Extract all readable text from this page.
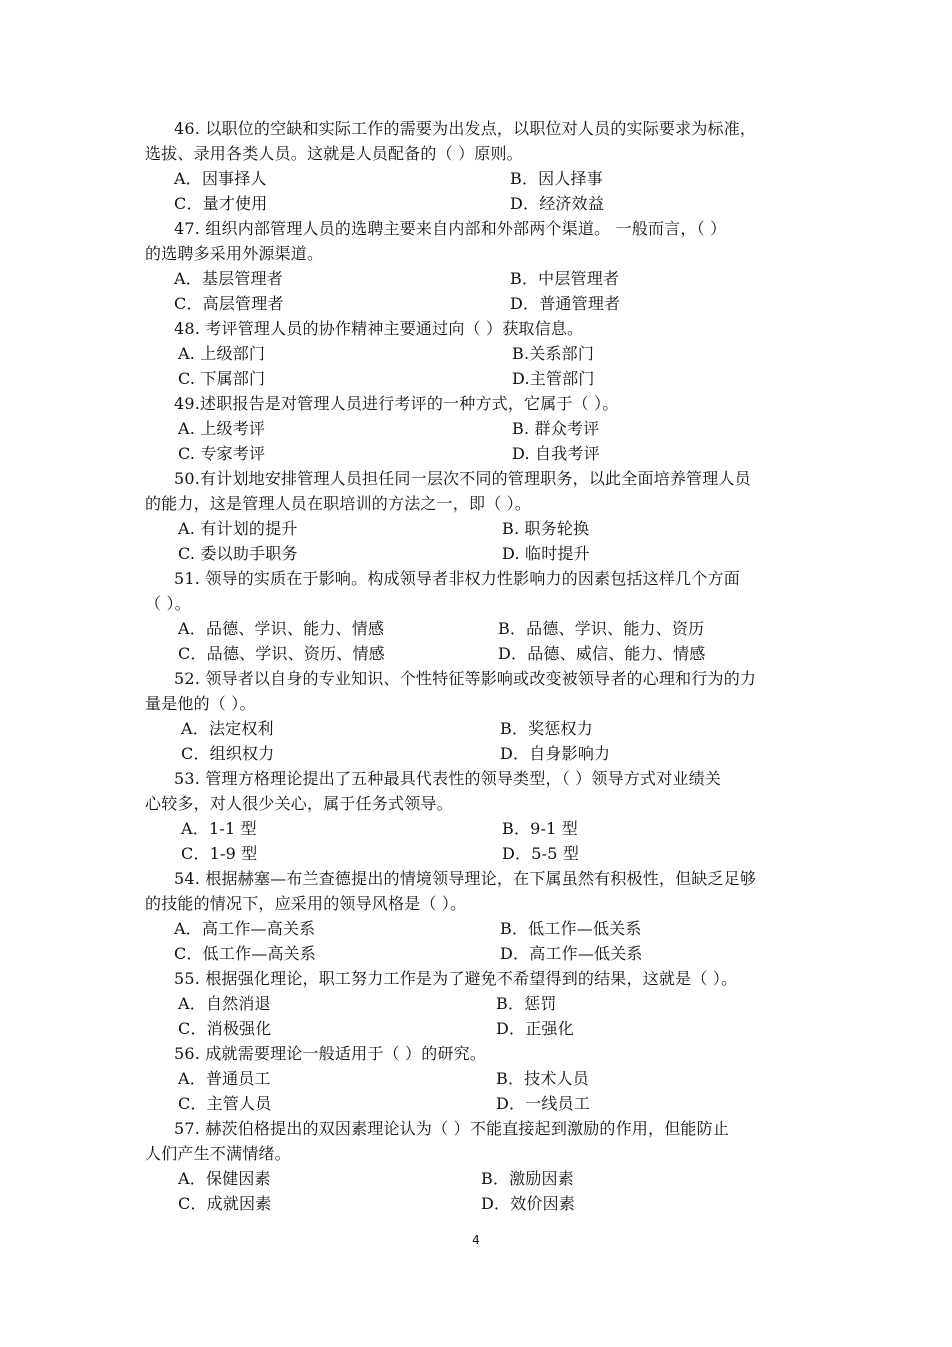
46. 以职位的空缺和实际工作的需要为出发点，以职位对人员的实际要求为标准，
选拔、录用各类人员。这就是人员配备的（ ）原则。
A．因事择人	B．因人择事
C．量才使用	D．经济效益
47. 组织内部管理人员的选聘主要来自内部和外部两个渠道。 一般而言，（ ）
的选聘多采用外源渠道。
A．基层管理者	B．中层管理者
C．高层管理者	D．普通管理者
48. 考评管理人员的协作精神主要通过向（ ）获取信息。
A. 上级部门	B.关系部门
C. 下属部门	D.主管部门
49.述职报告是对管理人员进行考评的一种方式，它属于（ ）。
A. 上级考评	B. 群众考评
C. 专家考评	D. 自我考评
50.有计划地安排管理人员担任同一层次不同的管理职务，以此全面培养管理人员
的能力，这是管理人员在职培训的方法之一，即（ ）。
A. 有计划的提升	B. 职务轮换
C. 委以助手职务	D. 临时提升
51. 领导的实质在于影响。构成领导者非权力性影响力的因素包括这样几个方面
（ ）。
A．品德、学识、能力、情感	B．品德、学识、能力、资历
C．品德、学识、资历、情感	D．品德、威信、能力、情感
52. 领导者以自身的专业知识、个性特征等影响或改变被领导者的心理和行为的力
量是他的（ ）。
A．法定权利	B．奖惩权力
C．组织权力	D．自身影响力
53. 管理方格理论提出了五种最具代表性的领导类型，（ ）领导方式对业绩关
心较多，对人很少关心，属于任务式领导。
A．1-1 型	B．9-1 型
C．1-9 型	D．5-5 型
54. 根据赫塞—布兰查德提出的情境领导理论，在下属虽然有积极性，但缺乏足够
的技能的情况下，应采用的领导风格是（ ）。
A．高工作—高关系	B．低工作—低关系
C．低工作—高关系	D．高工作—低关系
55. 根据强化理论，职工努力工作是为了避免不希望得到的结果，这就是（ ）。
A．自然消退	B．惩罚
C．消极强化	D．正强化
56. 成就需要理论一般适用于（ ）的研究。
A．普通员工	B．技术人员
C．主管人员	D．一线员工
57. 赫茨伯格提出的双因素理论认为（ ）不能直接起到激励的作用，但能防止
人们产生不满情绪。
A．保健因素	B．激励因素
C．成就因素	D．效价因素
4
